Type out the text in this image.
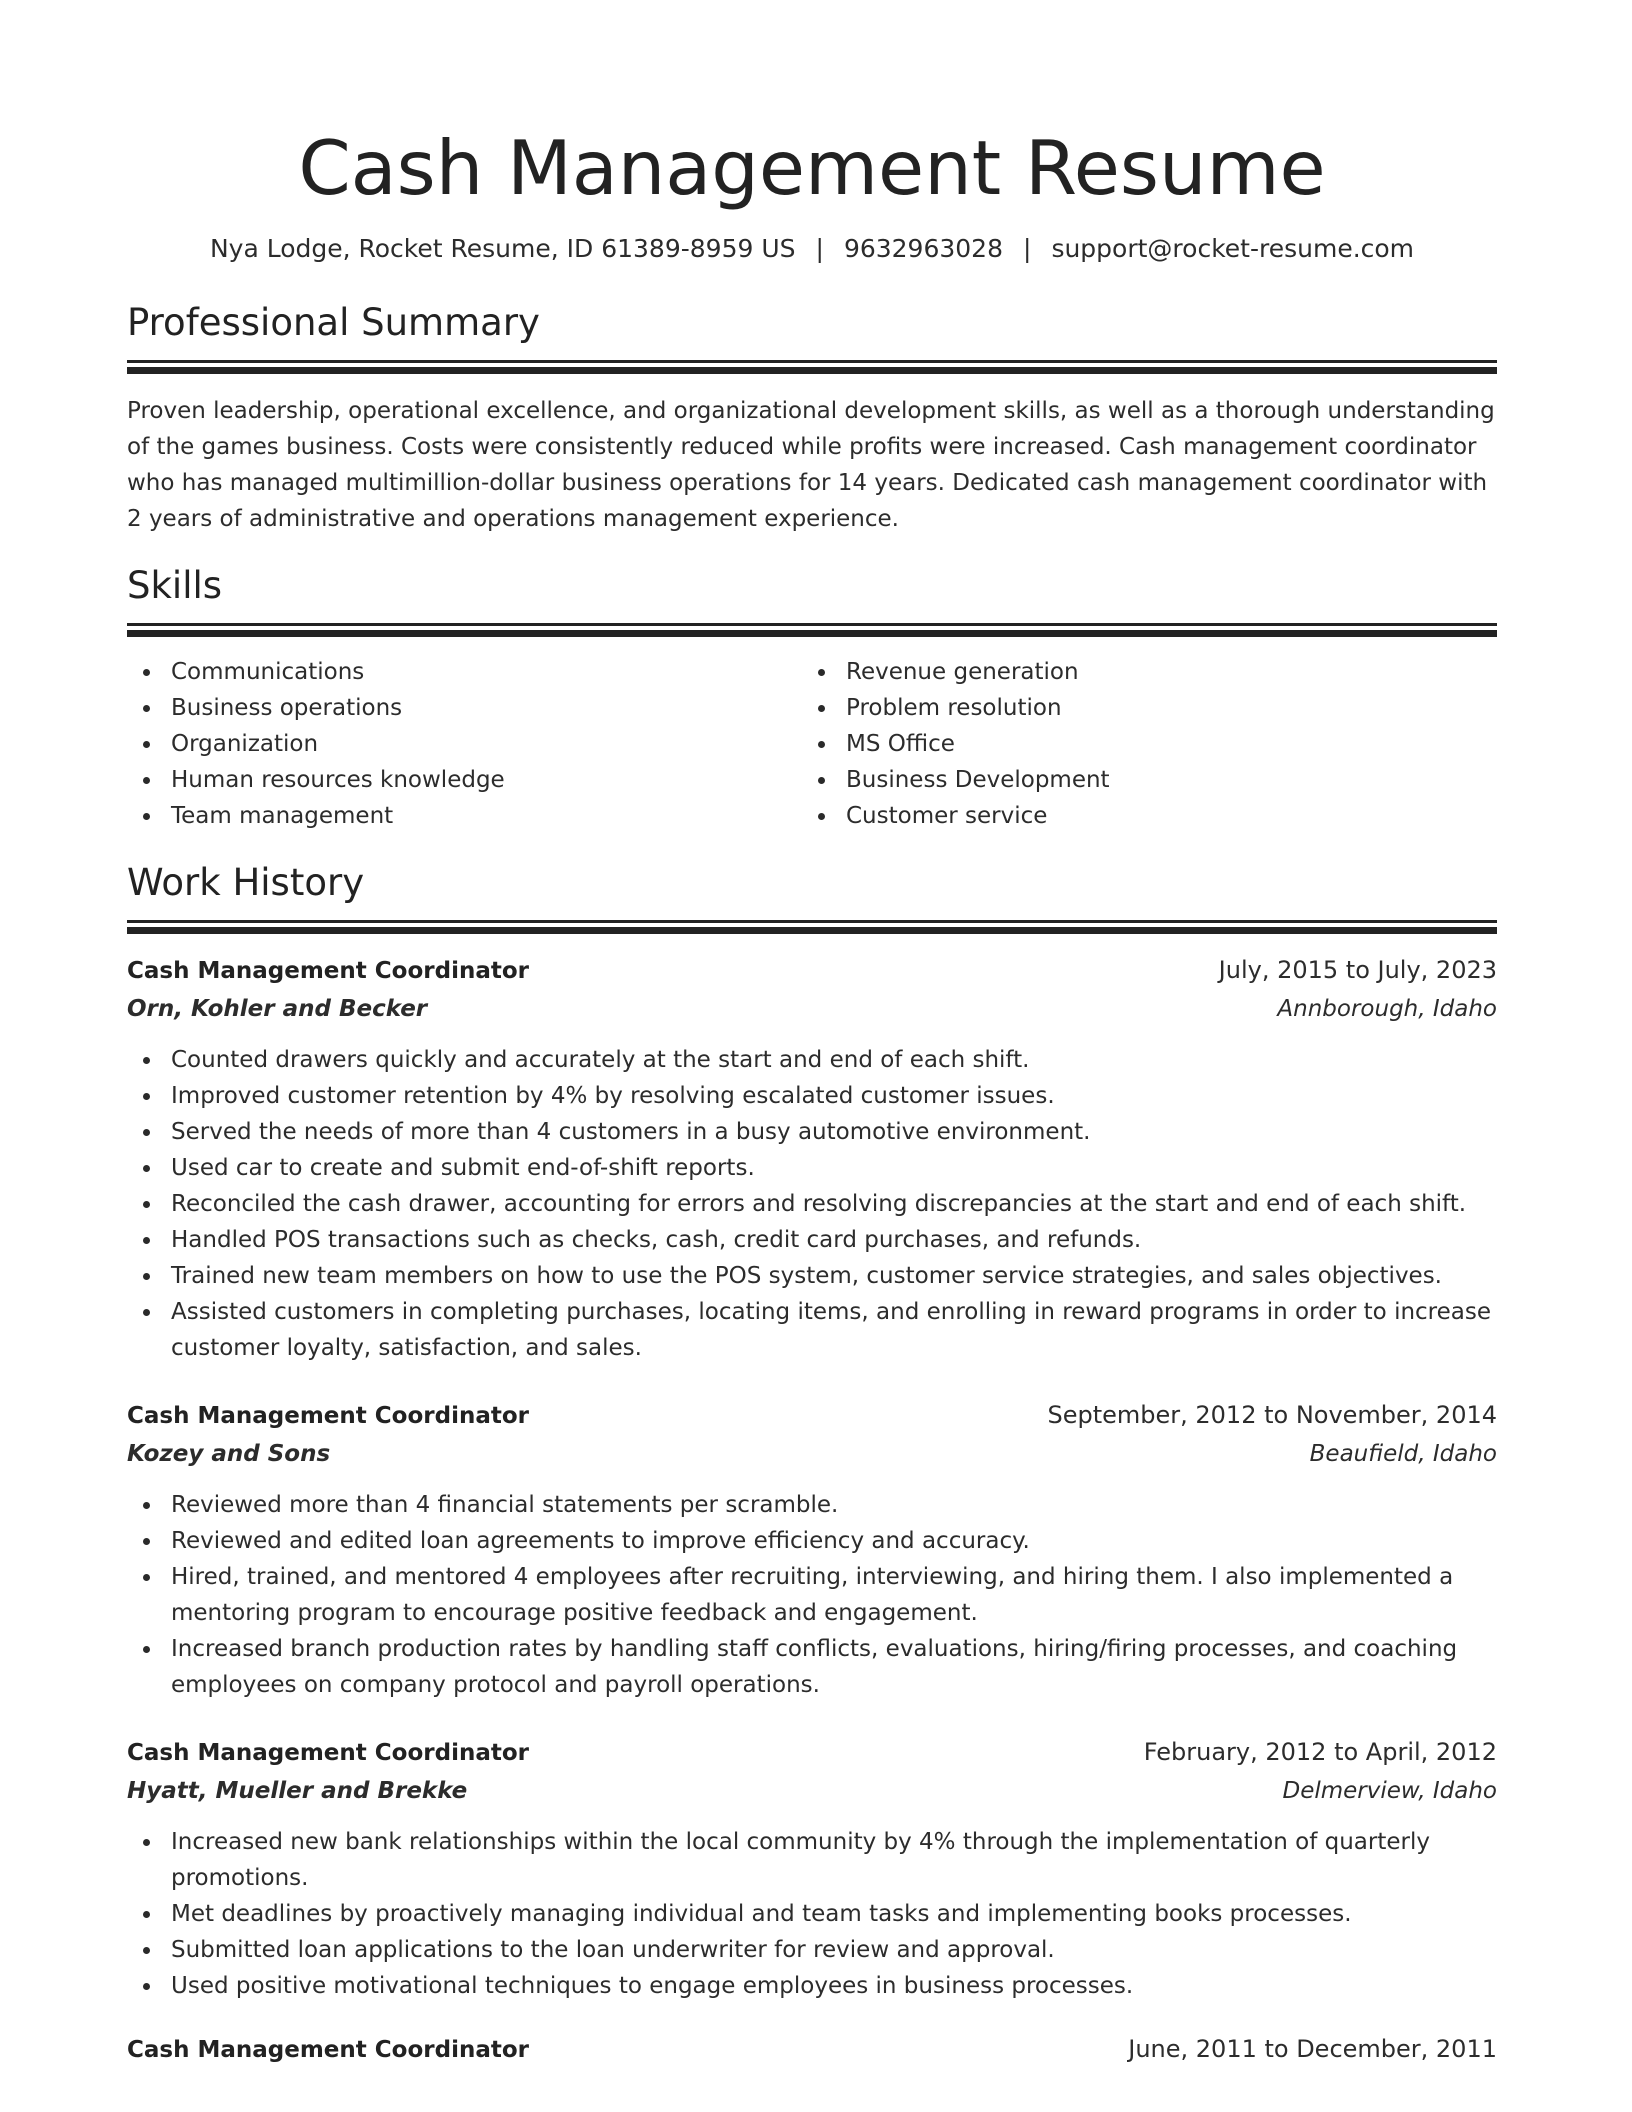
Cash Management Resume
Nya Lodge, Rocket Resume, ID 61389-8959 US | 9632963028 | support@rocket-resume.com
Professional Summary

Proven leadership, operational excellence, and organizational development skills, as well as a thorough understanding of the games business. Costs were consistently reduced while profits were increased. Cash management coordinator who has managed multimillion-dollar business operations for 14 years. Dedicated cash management coordinator with 2 years of administrative and operations management experience.

Skills
Communications
Business operations
Organization
Human resources knowledge
Team management
Revenue generation
Problem resolution
MS Office
Business Development
Customer service
Work History
Cash Management Coordinator	July, 2015 to July, 2023
Orn, Kohler and Becker	Annborough, Idaho
Counted drawers quickly and accurately at the start and end of each shift.
Improved customer retention by 4% by resolving escalated customer issues.
Served the needs of more than 4 customers in a busy automotive environment.
Used car to create and submit end-of-shift reports.
Reconciled the cash drawer, accounting for errors and resolving discrepancies at the start and end of each shift.
Handled POS transactions such as checks, cash, credit card purchases, and refunds.
Trained new team members on how to use the POS system, customer service strategies, and sales objectives.
Assisted customers in completing purchases, locating items, and enrolling in reward programs in order to increase customer loyalty, satisfaction, and sales.
Cash Management Coordinator	September, 2012 to November, 2014
Kozey and Sons	Beaufield, Idaho
Reviewed more than 4 financial statements per scramble.
Reviewed and edited loan agreements to improve efficiency and accuracy.
Hired, trained, and mentored 4 employees after recruiting, interviewing, and hiring them. I also implemented a mentoring program to encourage positive feedback and engagement.
Increased branch production rates by handling staff conflicts, evaluations, hiring/firing processes, and coaching employees on company protocol and payroll operations.
Cash Management Coordinator	February, 2012 to April, 2012
Hyatt, Mueller and Brekke	Delmerview, Idaho
Increased new bank relationships within the local community by 4% through the implementation of quarterly promotions.
Met deadlines by proactively managing individual and team tasks and implementing books processes.
Submitted loan applications to the loan underwriter for review and approval.
Used positive motivational techniques to engage employees in business processes.
Cash Management Coordinator	June, 2011 to December, 2011
